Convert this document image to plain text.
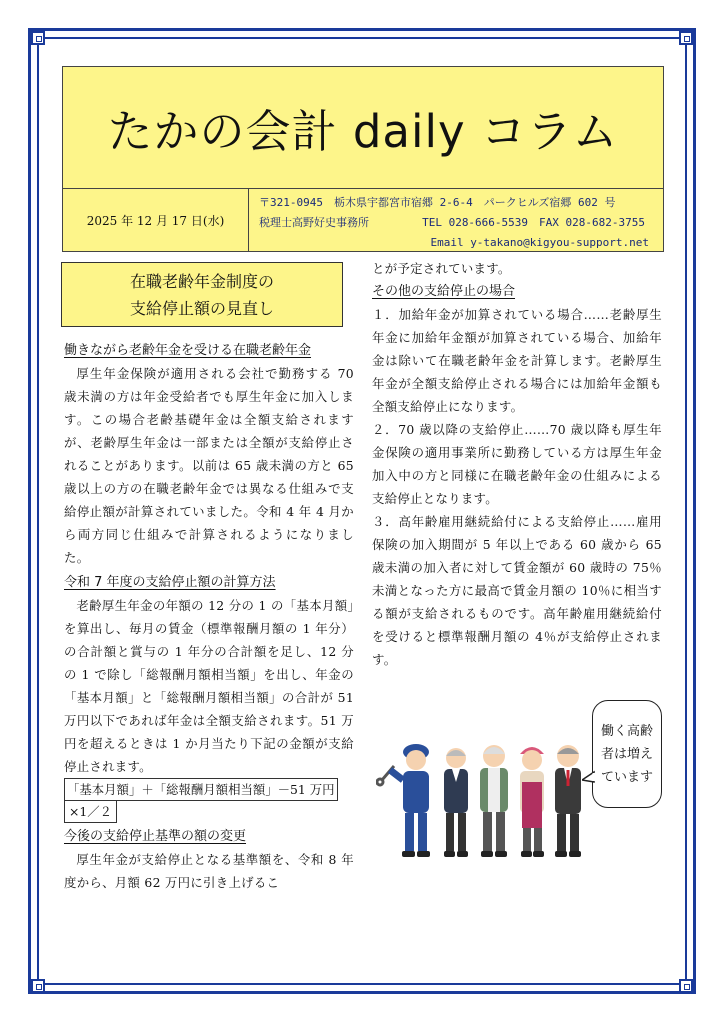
たかの会計 daily コラム
2025 年 12 月 17 日(水)
〒321-0945　栃木県宇都宮市宿郷 2-6-4　パークヒルズ宿郷 602 号
税理士高野好史事務所	TEL 028-666-5539　FAX 028-682-3755
Email y-takano@kigyou-support.net
在職老齢年金制度の
支給停止額の見直し
働きながら老齢年金を受ける在職老齢年金

厚生年金保険が適用される会社で勤務する 70 歳未満の方は年金受給者でも厚生年金に加入します。この場合老齢基礎年金は全額支給されますが、老齢厚生年金は一部または全額が支給停止されることがあります。以前は 65 歳未満の方と 65 歳以上の方の在職老齢年金では異なる仕組みで支給停止額が計算されていました。令和 4 年 4 月から両方同じ仕組みで計算されるようになりました。

令和 7 年度の支給停止額の計算方法

老齢厚生年金の年額の 12 分の 1 の「基本月額」を算出し、毎月の賃金（標準報酬月額の 1 年分）の合計額と賞与の 1 年分の合計額を足し、12 分の 1 で除し「総報酬月額相当額」を出し、年金の「基本月額」と「総報酬月額相当額」の合計が 51 万円以下であれば年金は全額支給されます。51 万円を超えるときは 1 か月当たり下記の金額が支給停止されます。

「基本月額」＋「総報酬月額相当額」－51 万円
×1／２
今後の支給停止基準の額の変更

厚生年金が支給停止となる基準額を、令和 8 年度から、月額 62 万円に引き上げるこ

とが予定されています。

その他の支給停止の場合

１．加給年金が加算されている場合……老齢厚生年金に加給年金額が加算されている場合、加給年金は除いて在職老齢年金を計算します。老齢厚生年金が全額支給停止される場合には加給年金額も全額支給停止になります。

２．70 歳以降の支給停止……70 歳以降も厚生年金保険の適用事業所に勤務している方は厚生年金加入中の方と同様に在職老齢年金の仕組みによる支給停止となります。

３．高年齢雇用継続給付による支給停止……雇用保険の加入期間が 5 年以上である 60 歳から 65 歳未満の加入者に対して賃金額が 60 歳時の 75％未満となった方に最高で賃金月額の 10％に相当する額が支給されるものです。高年齢雇用継続給付を受けると標準報酬月額の 4％が支給停止されます。

働く高齢者は増えています
